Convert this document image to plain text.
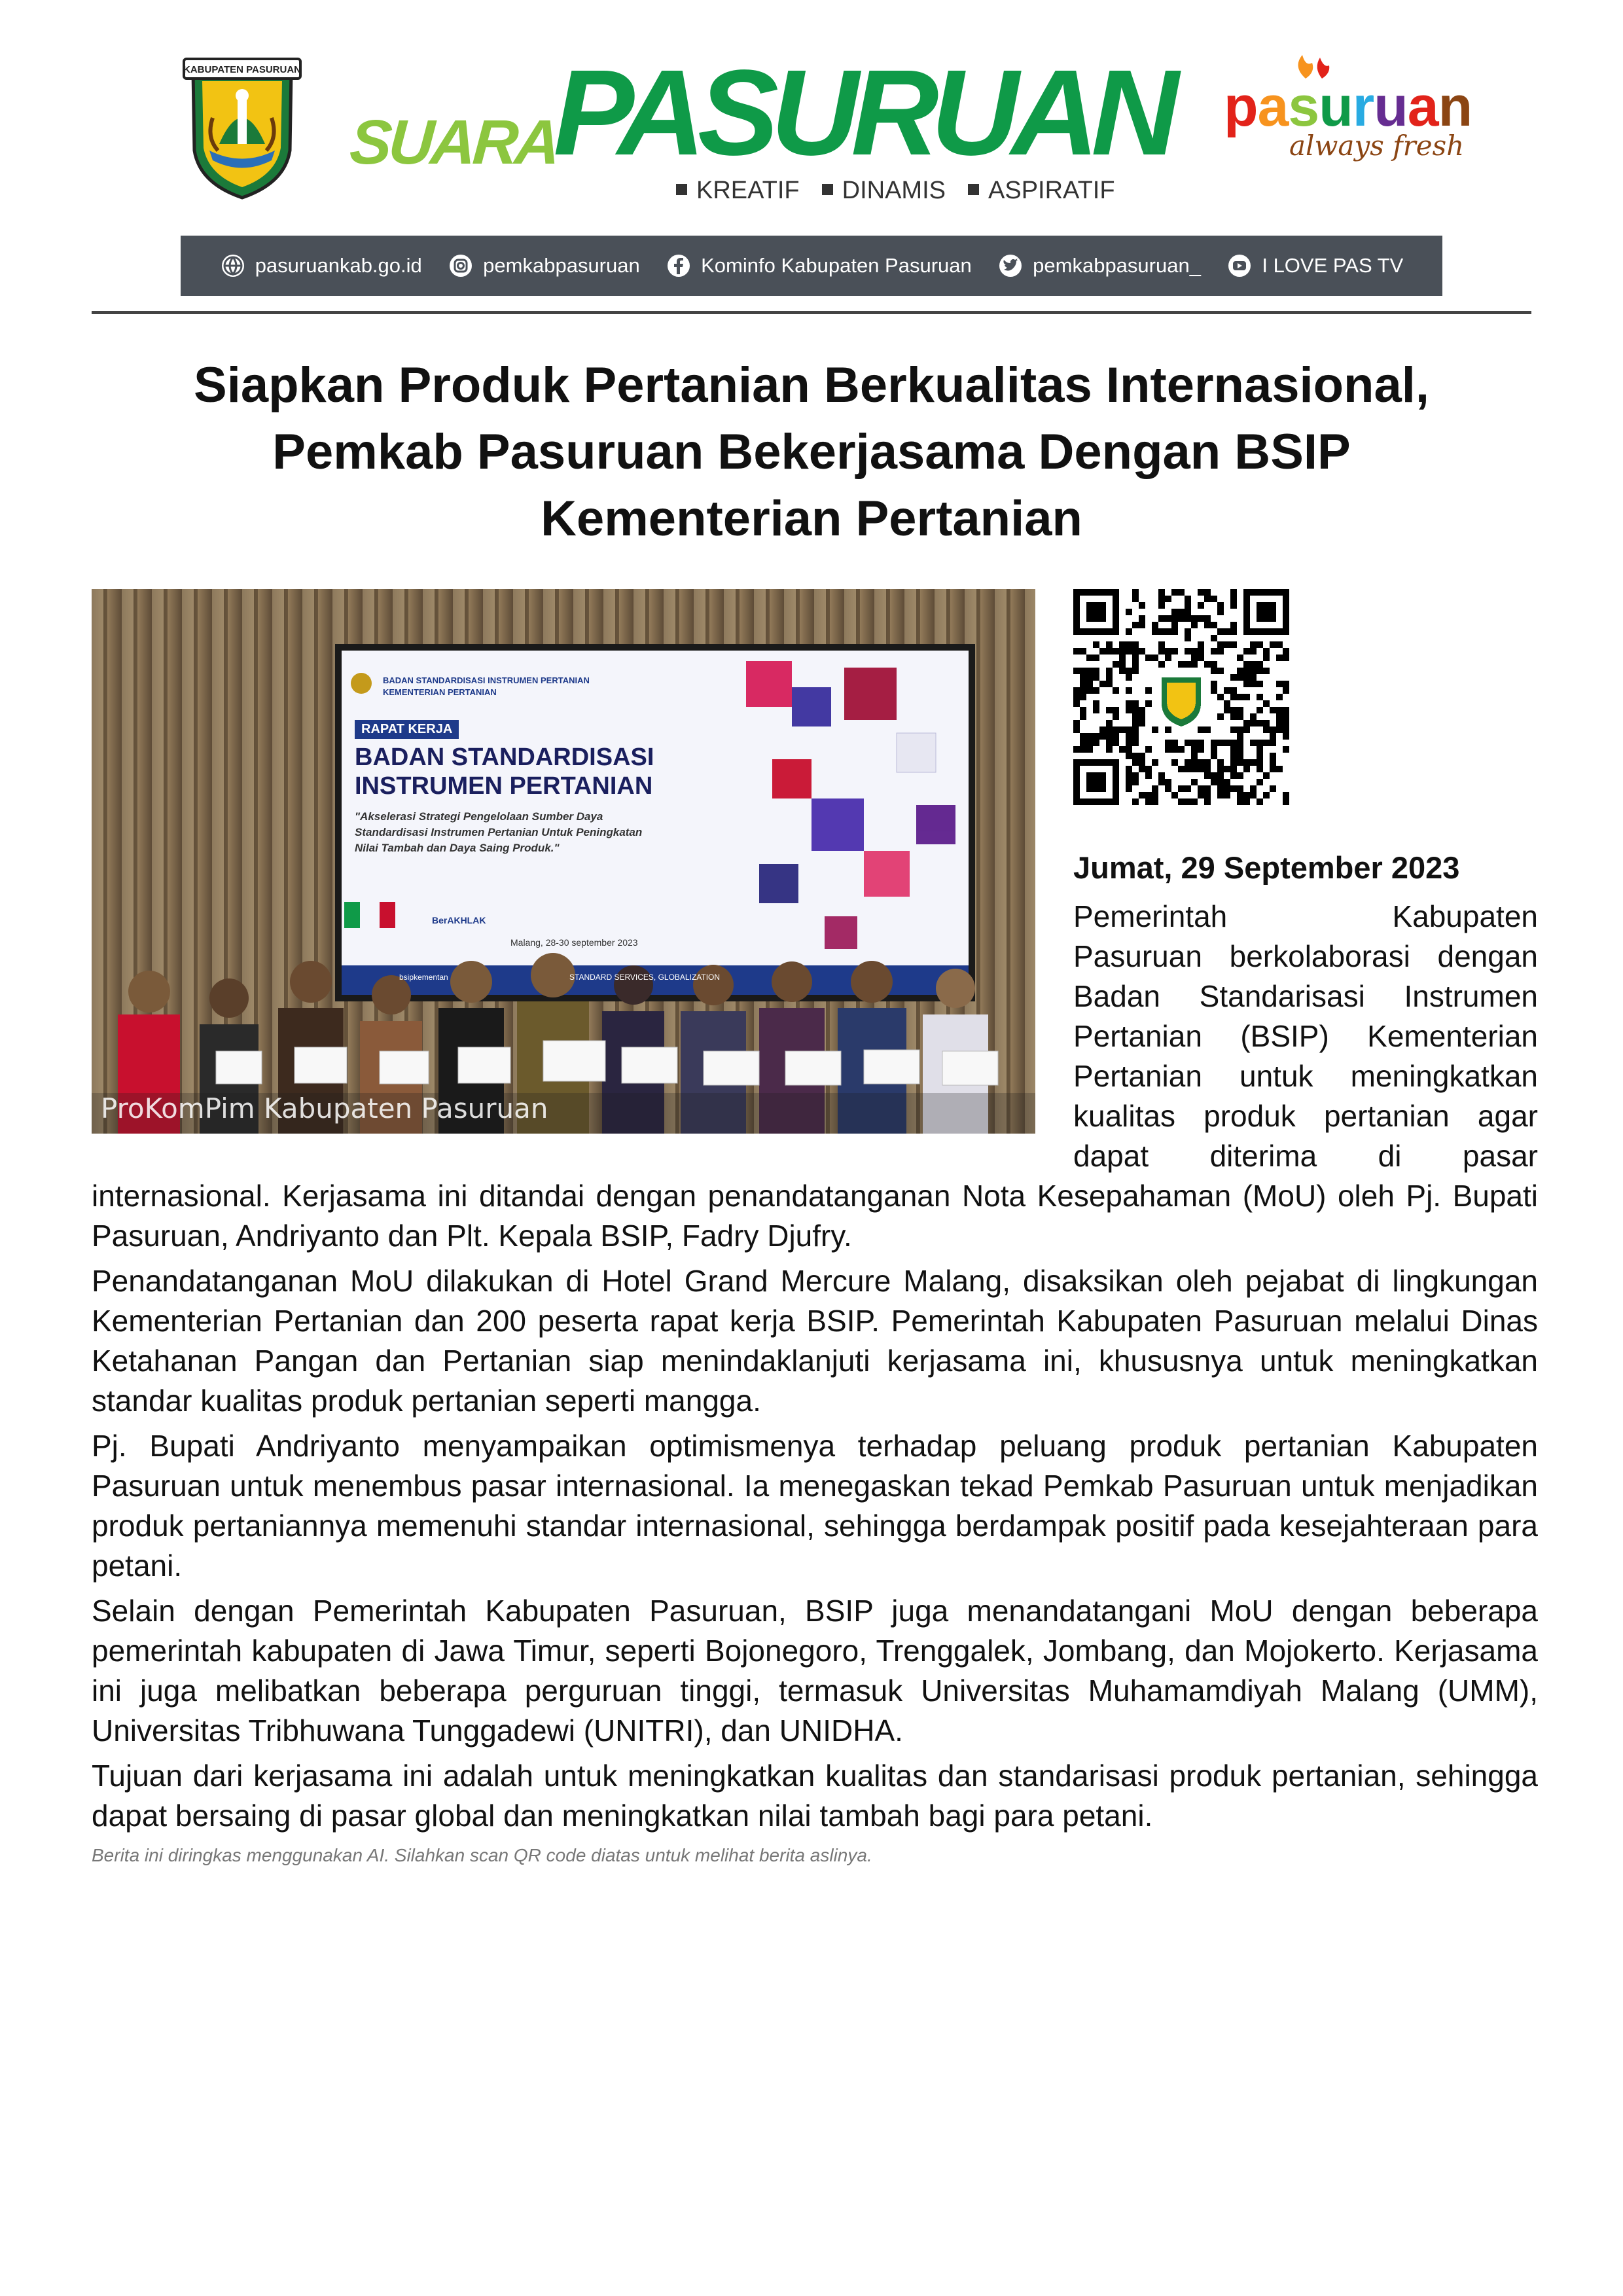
KABUPATEN PASURUAN
SUARAPASURUAN
KREATIF	DINAMIS	ASPIRATIF
pasuruan
always fresh
pasuruankab.go.id	pemkabpasuruan	Kominfo Kabupaten Pasuruan	pemkabpasuruan_	I LOVE PAS TV
Siapkan Produk Pertanian Berkualitas Internasional,
Pemkab Pasuruan Bekerjasama Dengan BSIP
Kementerian Pertanian
BADAN STANDARDISASI INSTRUMEN PERTANIAN
KEMENTERIAN PERTANIAN
RAPAT KERJA
BADAN STANDARDISASI
INSTRUMEN PERTANIAN
"Akselerasi Strategi Pengelolaan Sumber Daya
Standardisasi Instrumen Pertanian Untuk Peningkatan
Nilai Tambah dan Daya Saing Produk."
BerAKHLAK
Malang, 28-30 september 2023
bsipkementan	STANDARD SERVICES, GLOBALIZATION
ProKomPim Kabupaten Pasuruan
Jumat, 29 September 2023

Pemerintah Kabupaten
Pasuruan berkolaborasi dengan
Badan Standarisasi Instrumen
Pertanian (BSIP) Kementerian
Pertanian untuk meningkatkan
kualitas produk pertanian agar
dapat diterima di pasar

internasional. Kerjasama ini ditandai dengan penandatanganan Nota Kesepahaman (MoU) oleh Pj. Bupati Pasuruan, Andriyanto dan Plt. Kepala BSIP, Fadry Djufry.

Penandatanganan MoU dilakukan di Hotel Grand Mercure Malang, disaksikan oleh pejabat di lingkungan Kementerian Pertanian dan 200 peserta rapat kerja BSIP. Pemerintah Kabupaten Pasuruan melalui Dinas Ketahanan Pangan dan Pertanian siap menindaklanjuti kerjasama ini, khususnya untuk meningkatkan standar kualitas produk pertanian seperti mangga.

Pj. Bupati Andriyanto menyampaikan optimismenya terhadap peluang produk pertanian Kabupaten Pasuruan untuk menembus pasar internasional. Ia menegaskan tekad Pemkab Pasuruan untuk menjadikan produk pertaniannya memenuhi standar internasional, sehingga berdampak positif pada kesejahteraan para petani.

Selain dengan Pemerintah Kabupaten Pasuruan, BSIP juga menandatangani MoU dengan beberapa pemerintah kabupaten di Jawa Timur, seperti Bojonegoro, Trenggalek, Jombang, dan Mojokerto. Kerjasama ini juga melibatkan beberapa perguruan tinggi, termasuk Universitas Muhamamdiyah Malang (UMM), Universitas Tribhuwana Tunggadewi (UNITRI), dan UNIDHA.

Tujuan dari kerjasama ini adalah untuk meningkatkan kualitas dan standarisasi produk pertanian, sehingga dapat bersaing di pasar global dan meningkatkan nilai tambah bagi para petani.

Berita ini diringkas menggunakan AI. Silahkan scan QR code diatas untuk melihat berita aslinya.
